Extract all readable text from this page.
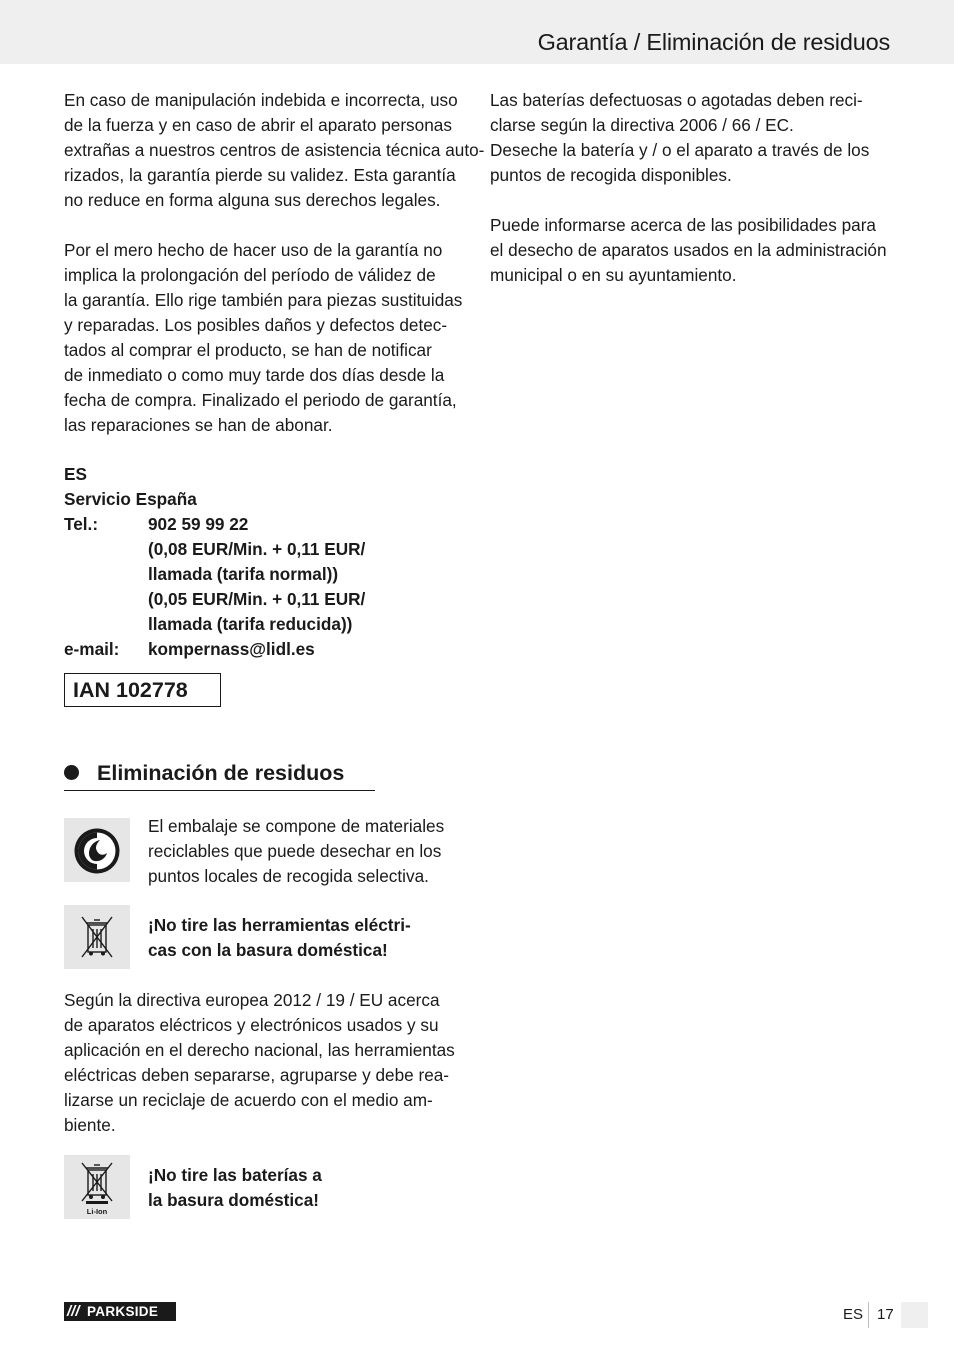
Garantía / Eliminación de residuos
En caso de manipulación indebida e incorrecta, uso
de la fuerza y en caso de abrir el aparato personas
extrañas a nuestros centros de asistencia técnica auto-
rizados, la garantía pierde su validez. Esta garantía
no reduce en forma alguna sus derechos legales.
Por el mero hecho de hacer uso de la garantía no
implica la prolongación del período de válidez de
la garantía. Ello rige también para piezas sustituidas
y reparadas. Los posibles daños y defectos detec-
tados al comprar el producto, se han de notificar
de inmediato o como muy tarde dos días desde la
fecha de compra. Finalizado el periodo de garantía,
las reparaciones se han de abonar.
ES
Servicio España
Tel.:	902 59 99 22
(0,08 EUR/Min. + 0,11 EUR/
llamada (tarifa normal))
(0,05 EUR/Min. + 0,11 EUR/
llamada (tarifa reducida))
e-mail: kompernass@lidl.es
IAN 102778
Eliminación de residuos
El embalaje se compone de materiales
reciclables que puede desechar en los
puntos locales de recogida selectiva.
¡No tire las herramientas eléctri-
cas con la basura doméstica!
Según la directiva europea 2012 / 19 / EU acerca
de aparatos eléctricos y electrónicos usados y su
aplicación en el derecho nacional, las herramientas
eléctricas deben separarse, agruparse y debe rea-
lizarse un reciclaje de acuerdo con el medio am-
biente.
Li-Ion
¡No tire las baterías a
la basura doméstica!
Las baterías defectuosas o agotadas deben reci-
clarse según la directiva 2006 / 66 / EC.
Deseche la batería y / o el aparato a través de los
puntos de recogida disponibles.
Puede informarse acerca de las posibilidades para
el desecho de aparatos usados en la administración
municipal o en su ayuntamiento.
/// PARKSIDE	ES 17
